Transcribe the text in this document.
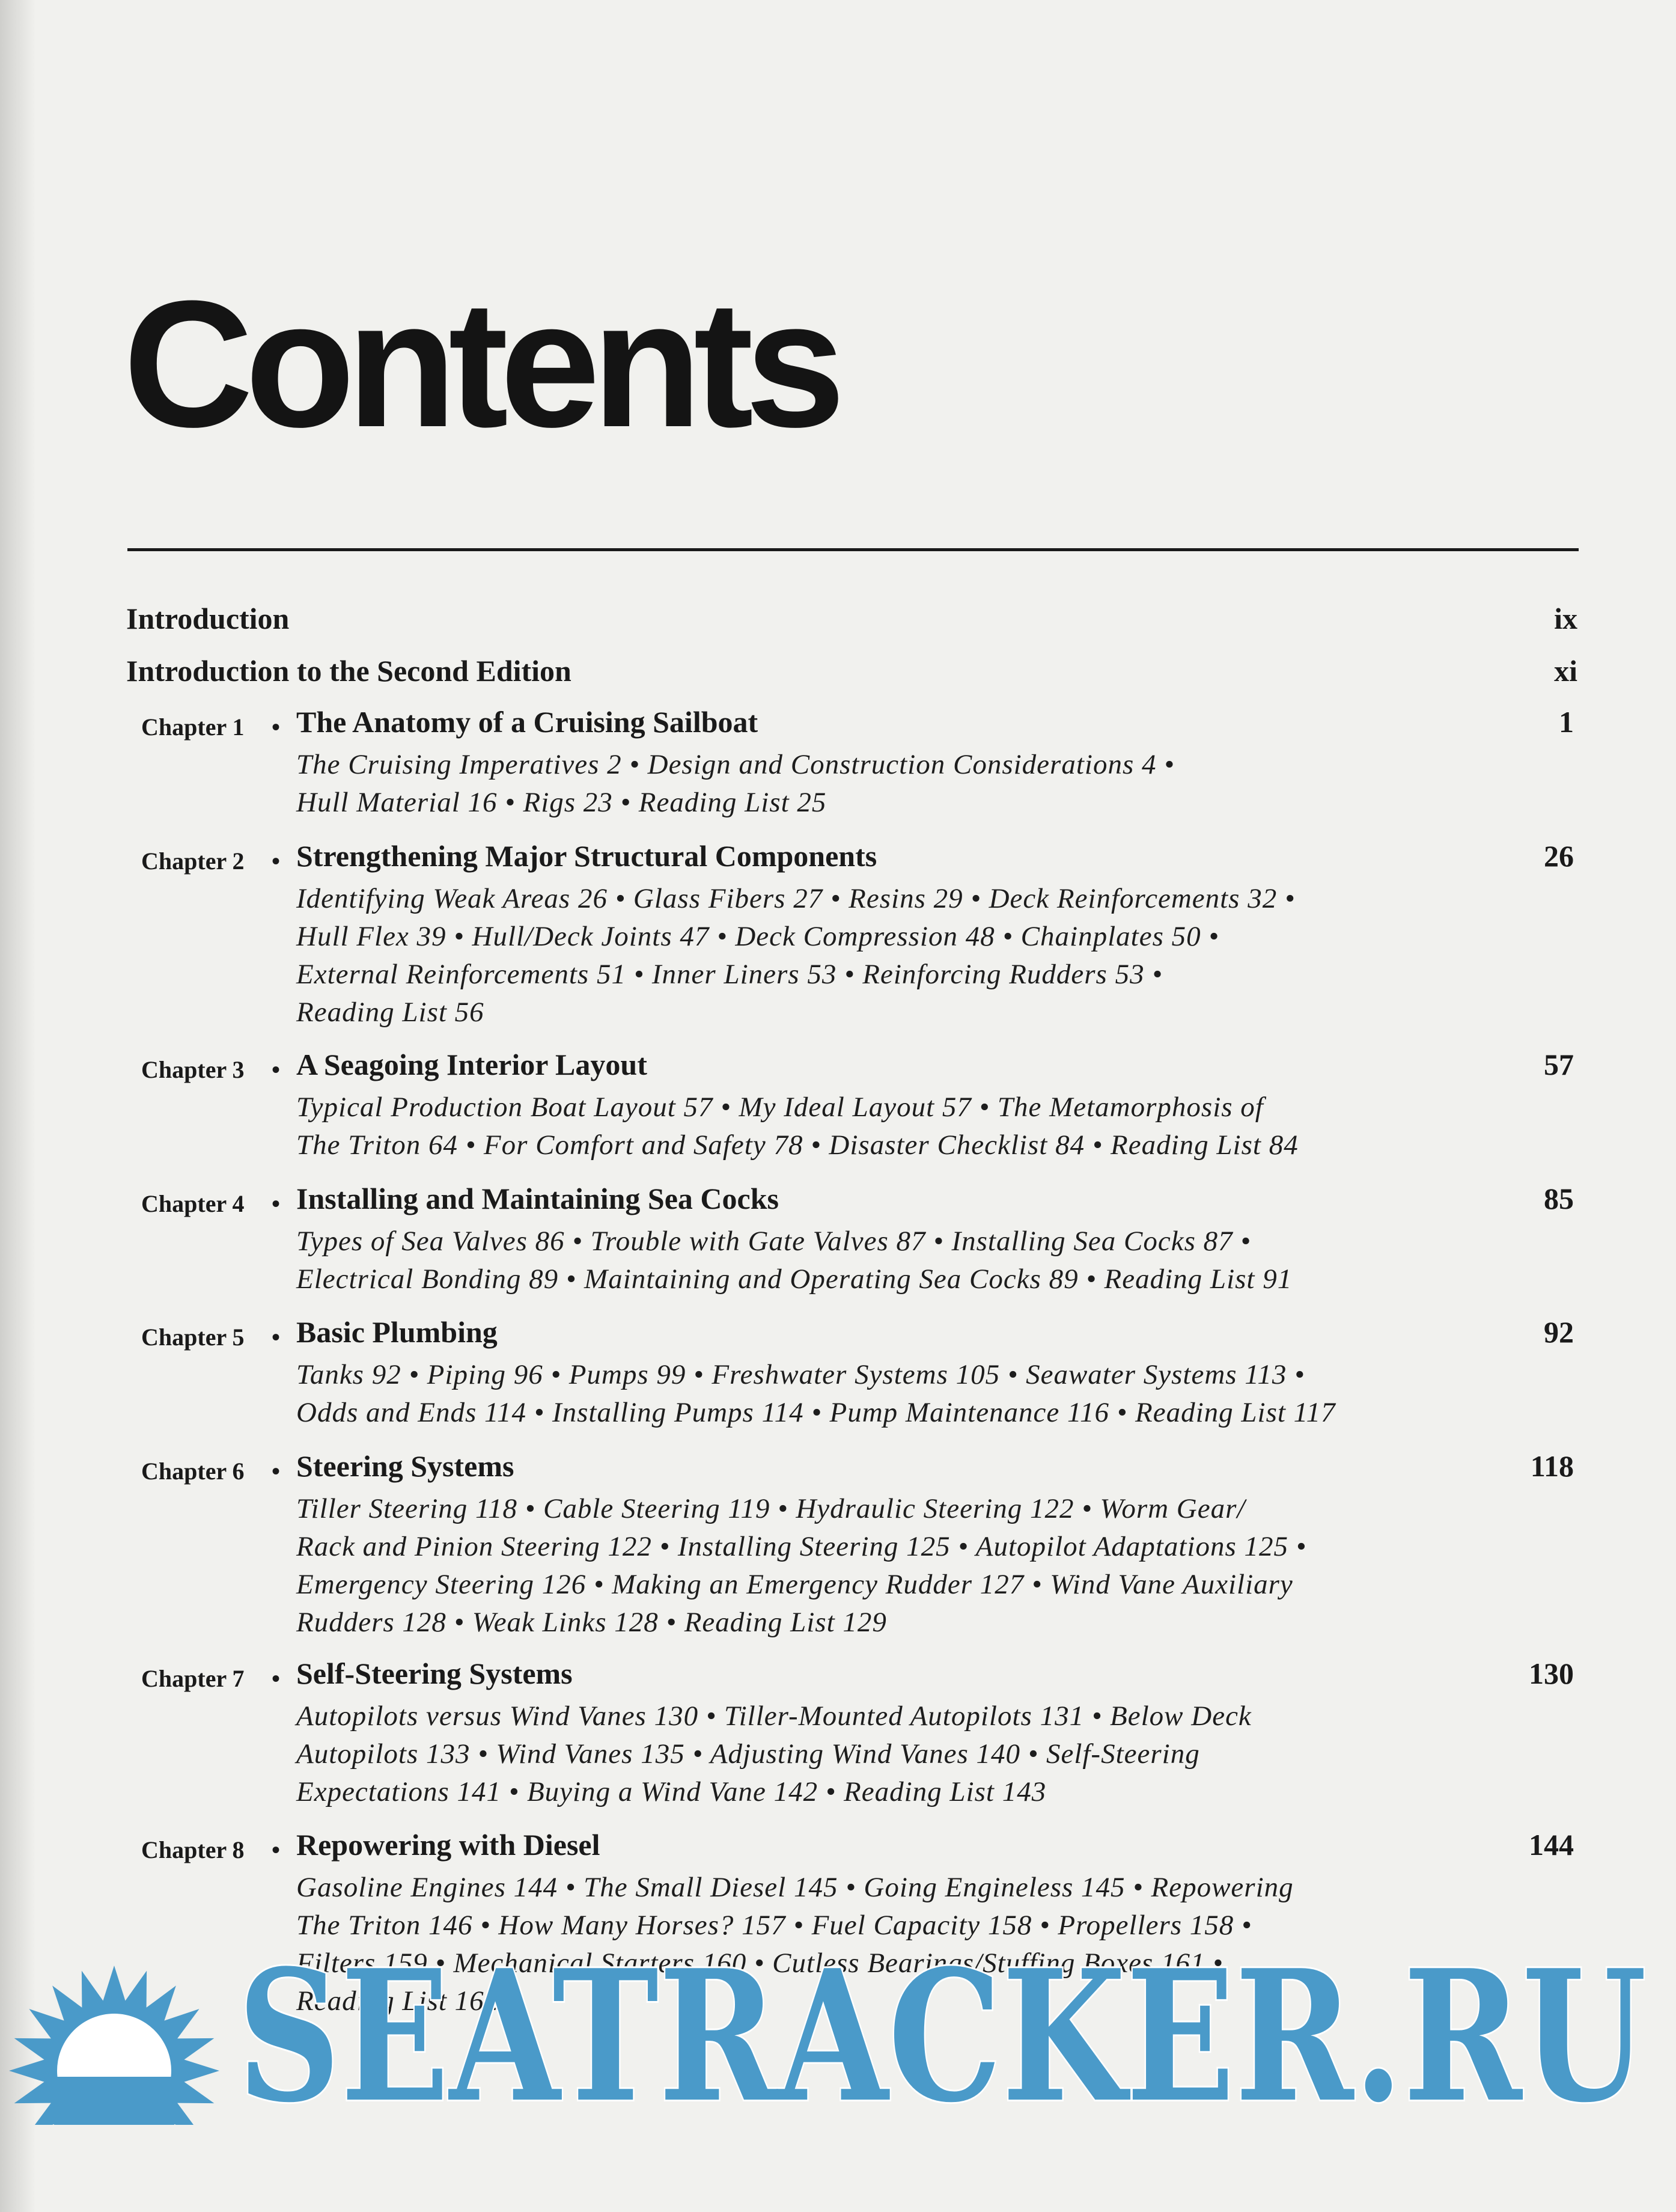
Contents
Introduction	ix
Introduction to the Second Edition	xi
Chapter 1 • The Anatomy of a Cruising Sailboat	1
The Cruising Imperatives 2 • Design and Construction Considerations 4 •
Hull Material 16 • Rigs 23 • Reading List 25
Chapter 2 • Strengthening Major Structural Components	26
Identifying Weak Areas 26 • Glass Fibers 27 • Resins 29 • Deck Reinforcements 32 •
Hull Flex 39 • Hull/Deck Joints 47 • Deck Compression 48 • Chainplates 50 •
External Reinforcements 51 • Inner Liners 53 • Reinforcing Rudders 53 •
Reading List 56
Chapter 3 • A Seagoing Interior Layout	57
Typical Production Boat Layout 57 • My Ideal Layout 57 • The Metamorphosis of
The Triton 64 • For Comfort and Safety 78 • Disaster Checklist 84 • Reading List 84
Chapter 4 • Installing and Maintaining Sea Cocks	85
Types of Sea Valves 86 • Trouble with Gate Valves 87 • Installing Sea Cocks 87 •
Electrical Bonding 89 • Maintaining and Operating Sea Cocks 89 • Reading List 91
Chapter 5 • Basic Plumbing	92
Tanks 92 • Piping 96 • Pumps 99 • Freshwater Systems 105 • Seawater Systems 113 •
Odds and Ends 114 • Installing Pumps 114 • Pump Maintenance 116 • Reading List 117
Chapter 6 • Steering Systems	118
Tiller Steering 118 • Cable Steering 119 • Hydraulic Steering 122 • Worm Gear/
Rack and Pinion Steering 122 • Installing Steering 125 • Autopilot Adaptations 125 •
Emergency Steering 126 • Making an Emergency Rudder 127 • Wind Vane Auxiliary
Rudders 128 • Weak Links 128 • Reading List 129
Chapter 7 • Self-Steering Systems	130
Autopilots versus Wind Vanes 130 • Tiller-Mounted Autopilots 131 • Below Deck
Autopilots 133 • Wind Vanes 135 • Adjusting Wind Vanes 140 • Self-Steering
Expectations 141 • Buying a Wind Vane 142 • Reading List 143
Chapter 8 • Repowering with Diesel	144
Gasoline Engines 144 • The Small Diesel 145 • Going Engineless 145 • Repowering
The Triton 146 • How Many Horses? 157 • Fuel Capacity 158 • Propellers 158 •
Filters 159 • Mechanical Starters 160 • Cutless Bearings/Stuffing Boxes 161 •
Reading List 162
vii
SEATRACKER.RU
